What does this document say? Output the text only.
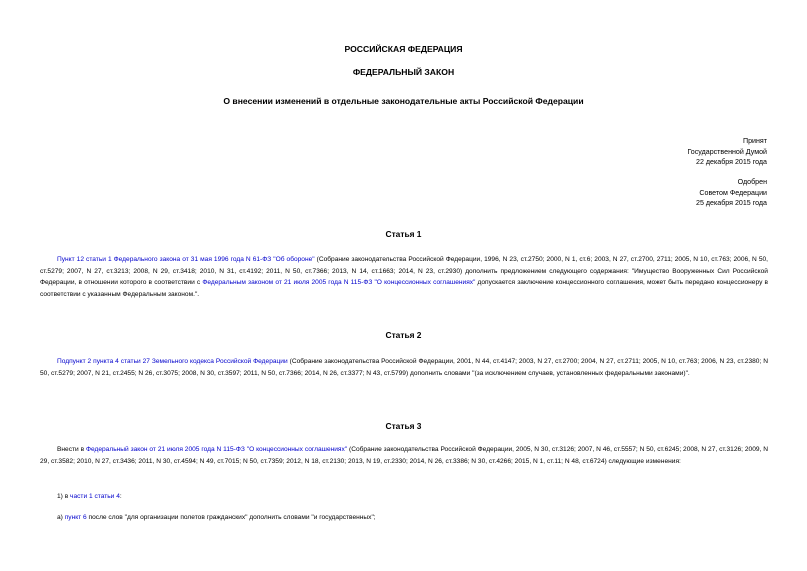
РОССИЙСКАЯ ФЕДЕРАЦИЯ
ФЕДЕРАЛЬНЫЙ ЗАКОН
О внесении изменений в отдельные законодательные акты Российской Федерации
Принят
Государственной Думой
22 декабря 2015 года
Одобрен
Советом Федерации
25 декабря 2015 года
Статья 1
Пункт 12 статьи 1 Федерального закона от 31 мая 1996 года N 61-ФЗ "Об обороне" (Собрание законодательства Российской Федерации, 1996, N 23, ст.2750; 2000, N 1, ст.6; 2003, N 27, ст.2700, 2711; 2005, N 10, ст.763; 2006, N 50, ст.5279; 2007, N 27, ст.3213; 2008, N 29, ст.3418; 2010, N 31, ст.4192; 2011, N 50, ст.7366; 2013, N 14, ст.1663; 2014, N 23, ст.2930) дополнить предложением следующего содержания: "Имущество Вооруженных Сил Российской Федерации, в отношении которого в соответствии с Федеральным законом от 21 июля 2005 года N 115-ФЗ "О концессионных соглашениях" допускается заключение концессионного соглашения, может быть передано концессионеру в соответствии с указанным Федеральным законом.".
Статья 2
Подпункт 2 пункта 4 статьи 27 Земельного кодекса Российской Федерации (Собрание законодательства Российской Федерации, 2001, N 44, ст.4147; 2003, N 27, ст.2700; 2004, N 27, ст.2711; 2005, N 10, ст.763; 2006, N 23, ст.2380; N 50, ст.5279; 2007, N 21, ст.2455; N 26, ст.3075; 2008, N 30, ст.3597; 2011, N 50, ст.7366; 2014, N 26, ст.3377; N 43, ст.5799) дополнить словами "(за исключением случаев, установленных федеральными законами)".
Статья 3
Внести в Федеральный закон от 21 июля 2005 года N 115-ФЗ "О концессионных соглашениях" (Собрание законодательства Российской Федерации, 2005, N 30, ст.3126; 2007, N 46, ст.5557; N 50, ст.6245; 2008, N 27, ст.3126; 2009, N 29, ст.3582; 2010, N 27, ст.3436; 2011, N 30, ст.4594; N 49, ст.7015; N 50, ст.7359; 2012, N 18, ст.2130; 2013, N 19, ст.2330; 2014, N 26, ст.3386; N 30, ст.4266; 2015, N 1, ст.11; N 48, ст.6724) следующие изменения:
1) в части 1 статьи 4:
а) пункт 6 после слов "для организации полетов гражданских" дополнить словами "и государственных";
